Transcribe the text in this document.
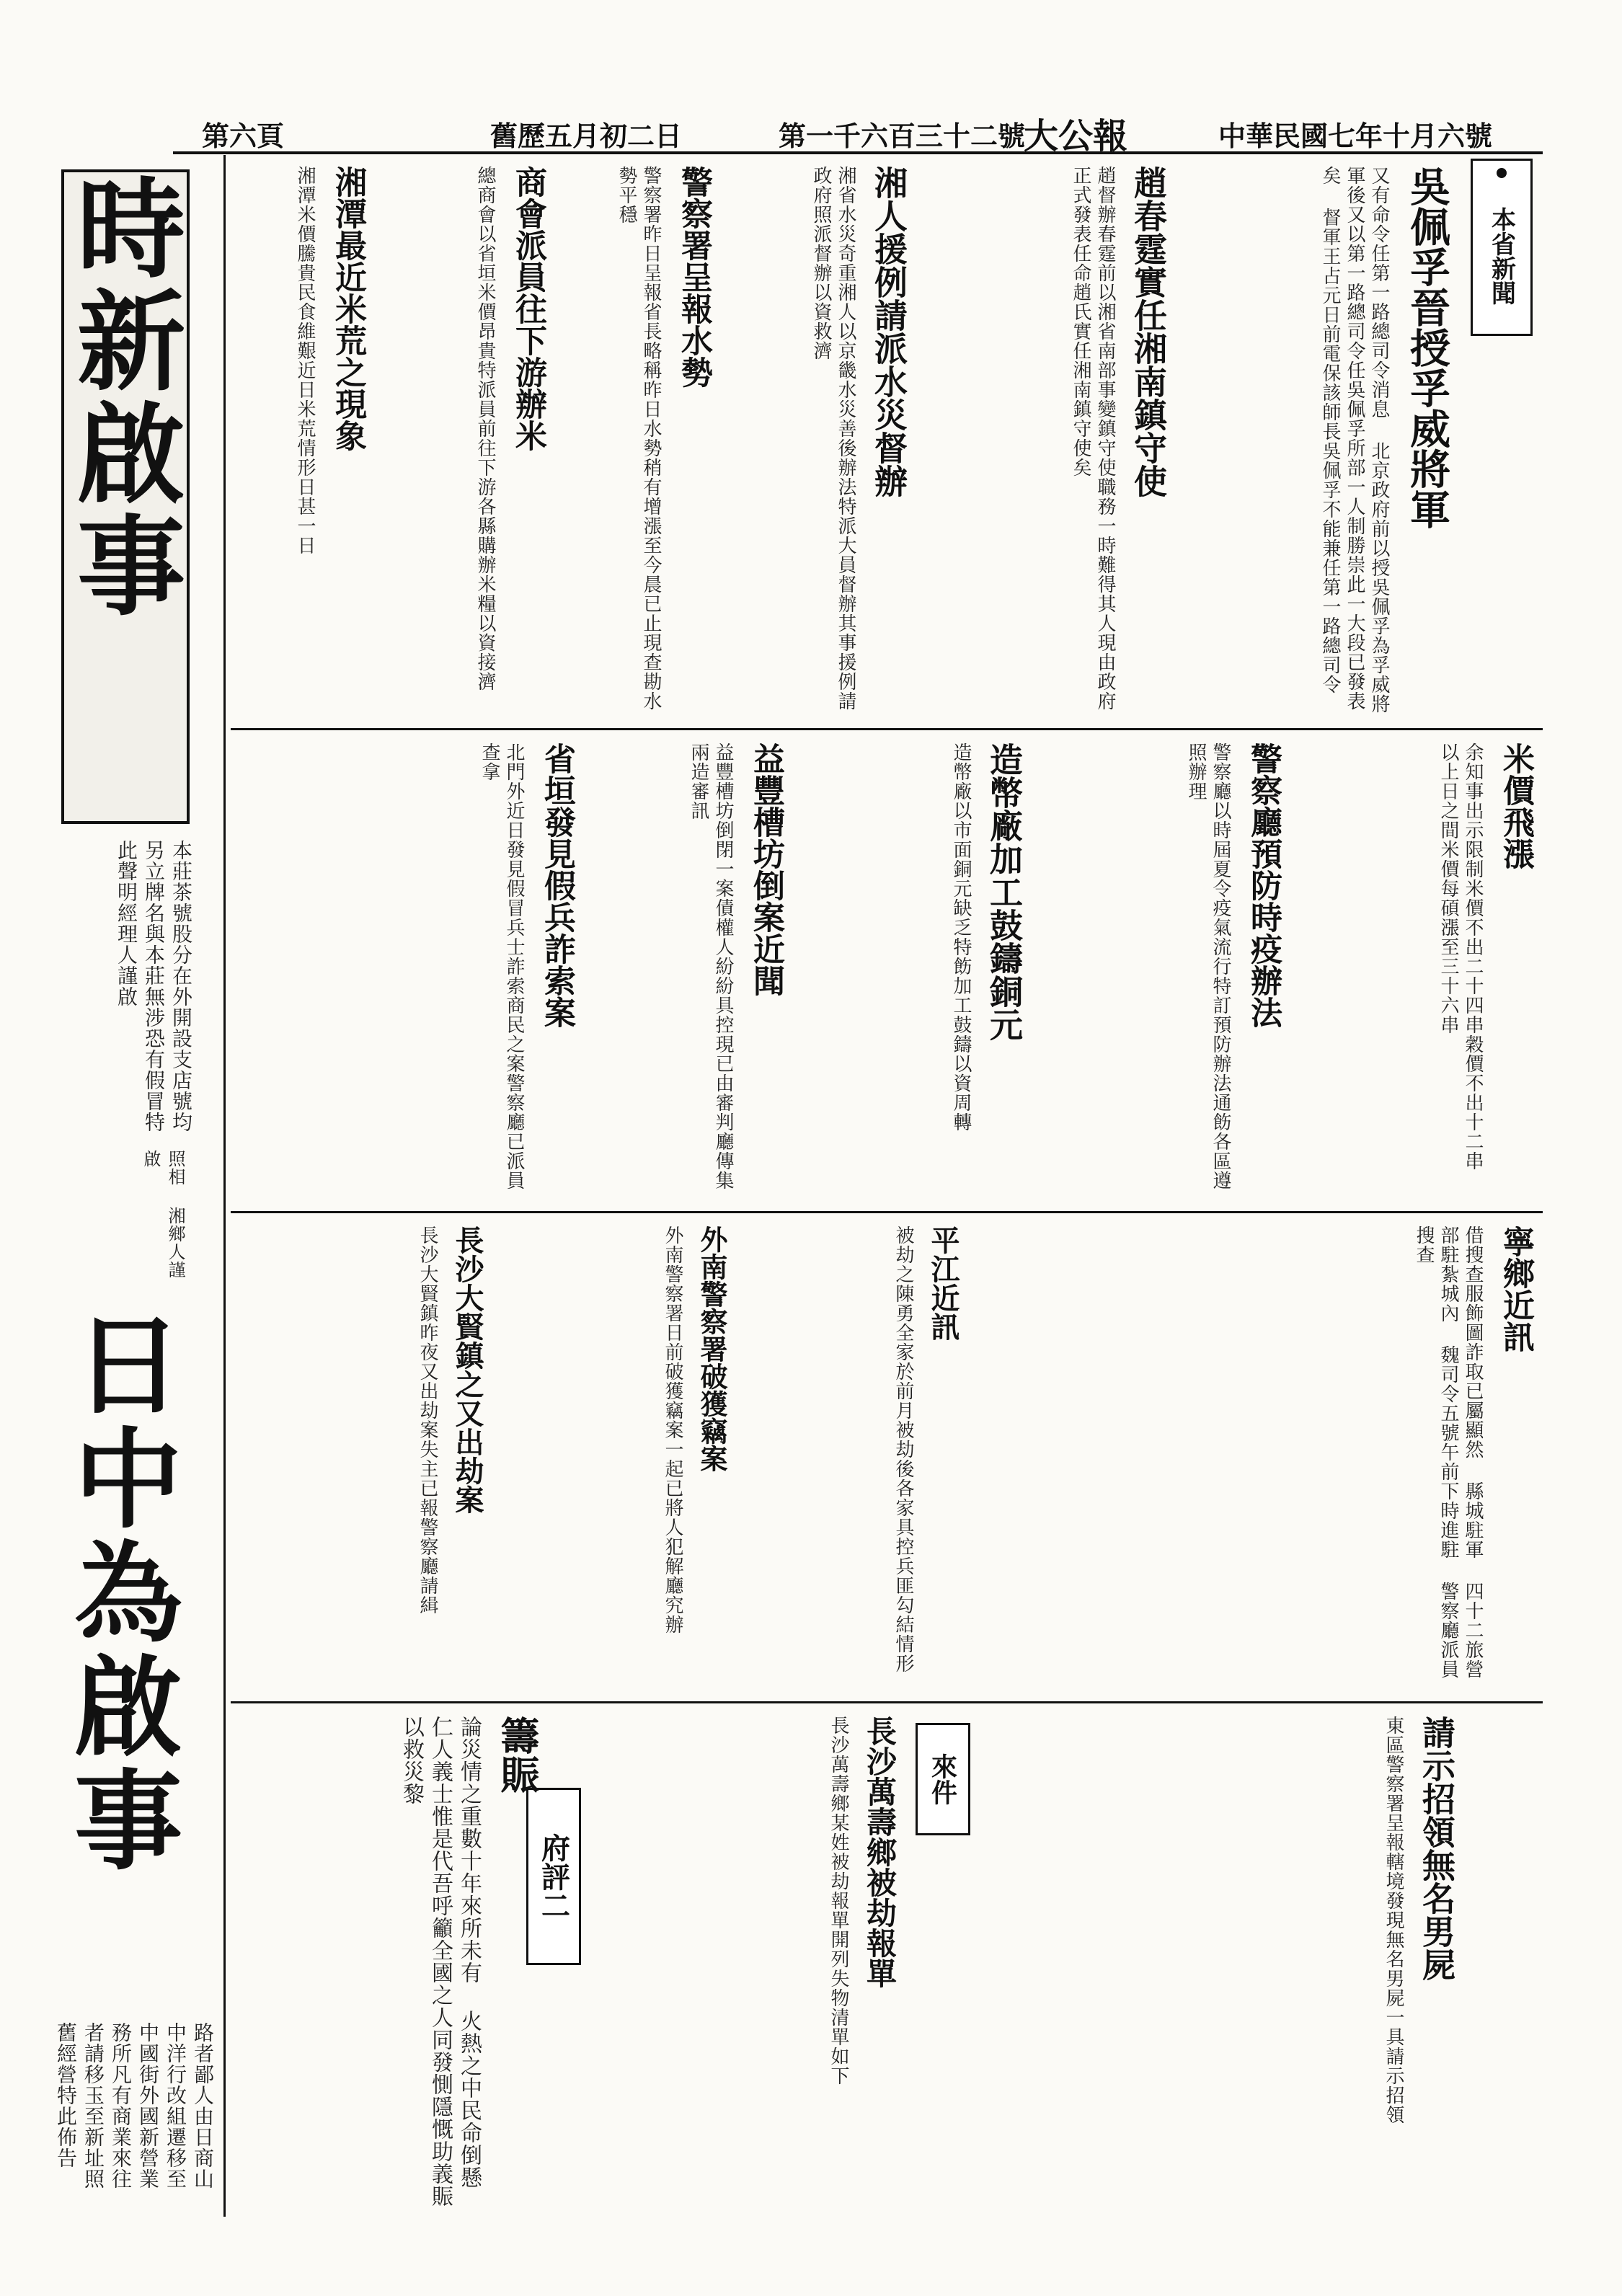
中華民國七年十月六號
第一千六百三十二號
大公報
舊歷五月初二日
第六頁
時新啟事
本莊茶號股分在外開設支店號均另立牌名與本莊無涉恐有假冒特此聲明經理人謹啟
照相 湘鄉人謹啟
日中為啟事
路者鄙人由日商山中洋行改組遷移至中國街外國新營業務所凡有商業來往者請移玉至新址照舊經營特此佈告
本省新聞
吳佩孚晉授孚威將軍
又有命令任第一路總司令消息 北京政府前以授吳佩孚為孚威將軍後又以第一路總司令任吳佩孚所部一人制勝崇此一大段已發表矣 督軍王占元日前電保該師長吳佩孚不能兼任第一路總司令
趙春霆實任湘南鎮守使
趙督辦春霆前以湘省南部事變鎮守使職務一時難得其人現由政府正式發表任命趙氏實任湘南鎮守使矣
湘人援例請派水災督辦
湘省水災奇重湘人以京畿水災善後辦法特派大員督辦其事援例請政府照派督辦以資救濟
警察署呈報水勢
警察署昨日呈報省長略稱昨日水勢稍有增漲至今晨已止現查勘水勢平穩
商會派員往下游辦米
總商會以省垣米價昂貴特派員前往下游各縣購辦米糧以資接濟
湘潭最近米荒之現象
湘潭米價騰貴民食維艱近日米荒情形日甚一日
米價飛漲
余知事出示限制米價不出二十四串穀價不出十二串 以上日之間米價每碩漲至三十六串
警察廳預防時疫辦法
警察廳以時屆夏令疫氣流行特訂預防辦法通飭各區遵照辦理
造幣廠加工鼓鑄銅元
造幣廠以市面銅元缺乏特飭加工鼓鑄以資周轉
益豐槽坊倒案近聞
益豐槽坊倒閉一案債權人紛紛具控現已由審判廳傳集兩造審訊
省垣發見假兵詐索案
北門外近日發見假冒兵士詐索商民之案警察廳已派員查拿
寧鄉近訊
借搜查服飾圖詐取已屬顯然 縣城駐軍 四十二旅營部駐紮城內 魏司令五號午前下時進駐 警察廳派員搜查
平江近訊
被劫之陳勇全家於前月被劫後各家具控兵匪勾結情形
外南警察署破獲竊案
外南警察署日前破獲竊案一起已將人犯解廳究辦
長沙大賢鎮之又出劫案
長沙大賢鎮昨夜又出劫案失主已報警察廳請緝
請示招領無名男屍
東區警察署呈報轄境發現無名男屍一具請示招領
來件
長沙萬壽鄉被劫報單
長沙萬壽鄉某姓被劫報單開列失物清單如下
府評二
籌賑
論災情之重數十年來所未有 火熱之中民命倒懸 仁人義士惟是代吾呼籲全國之人同發惻隱慨助義賑以救災黎
